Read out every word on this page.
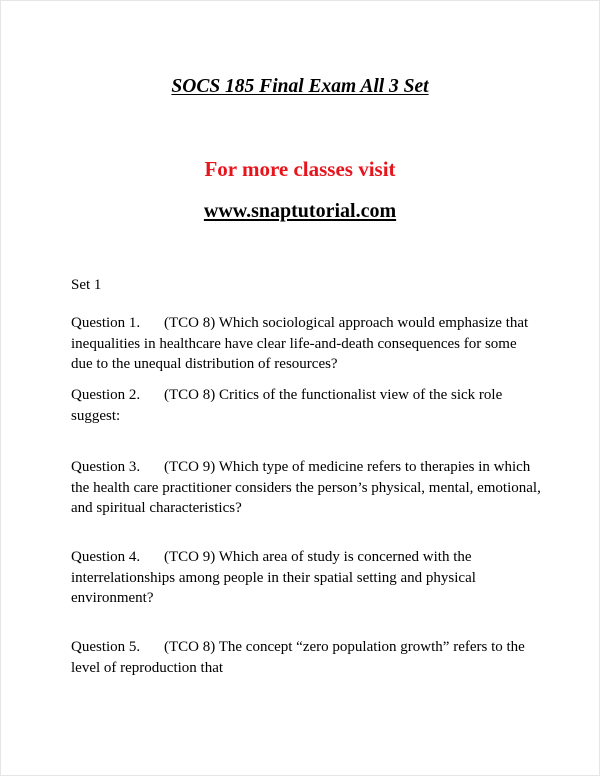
SOCS 185 Final Exam All 3 Set

For more classes visit

www.snaptutorial.com

Set 1

Question 1. (TCO 8) Which sociological approach would emphasize that inequalities in healthcare have clear life-and-death consequences for some due to the unequal distribution of resources?

Question 2. (TCO 8) Critics of the functionalist view of the sick role suggest:

Question 3. (TCO 9) Which type of medicine refers to therapies in which the health care practitioner considers the person’s physical, mental, emotional, and spiritual characteristics?

Question 4. (TCO 9) Which area of study is concerned with the interrelationships among people in their spatial setting and physical environment?

Question 5. (TCO 8) The concept “zero population growth” refers to the level of reproduction that
